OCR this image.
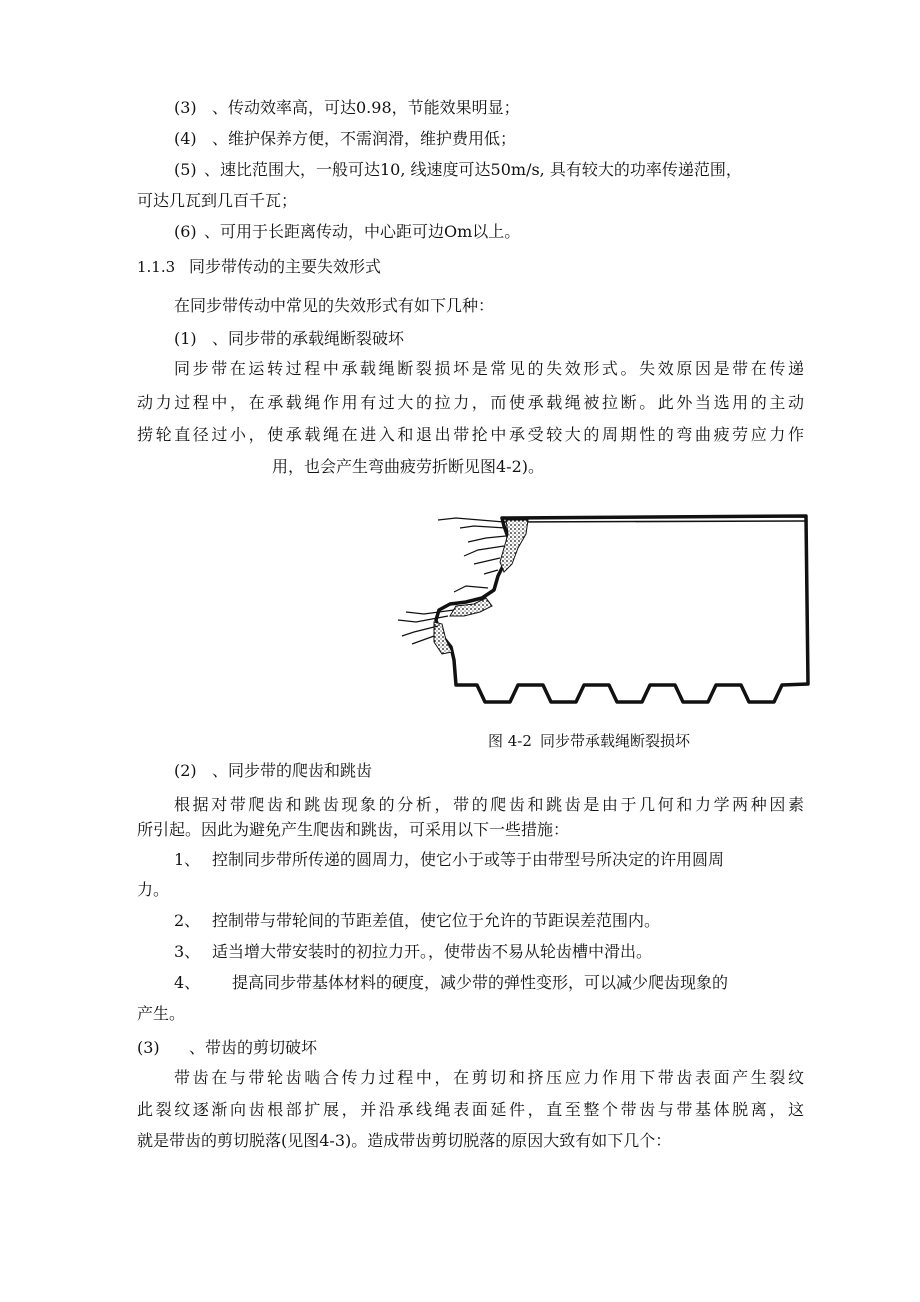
(3) 、传动效率高，可达0.98，节能效果明显；
(4) 、维护保养方便，不需润滑，维护费用低；
(5) 、速比范围大，一般可达10, 线速度可达50m/s, 具有较大的功率传递范围，
可达几瓦到几百千瓦；
(6) 、可用于长距离传动，中心距可边Om以上。
1.1.3 同步带传动的主要失效形式
在同步带传动中常见的失效形式有如下几种：
(1) 、同步带的承载绳断裂破坏
同步带在运转过程中承载绳断裂损坏是常见的失效形式。失效原因是带在传递
动力过程中，在承载绳作用有过大的拉力，而使承载绳被拉断。此外当选用的主动
捞轮直径过小，使承载绳在进入和退出带抡中承受较大的周期性的弯曲疲劳应力作
用，也会产生弯曲疲劳折断见图4-2)。
图 4-2 同步带承载绳断裂损坏
(2) 、同步带的爬齿和跳齿
根据对带爬齿和跳齿现象的分析，带的爬齿和跳齿是由于几何和力学两种因素
所引起。因此为避免产生爬齿和跳齿，可采用以下一些措施：
1、 控制同步带所传递的圆周力，使它小于或等于由带型号所决定的许用圆周
力。
2、 控制带与带轮间的节距差值，使它位于允许的节距误差范围内。
3、 适当增大带安装时的初拉力开。，使带齿不易从轮齿槽中滑出。
4、 提高同步带基体材料的硬度，减少带的弹性变形，可以减少爬齿现象的
产生。
(3) 、带齿的剪切破坏
带齿在与带轮齿啮合传力过程中，在剪切和挤压应力作用下带齿表面产生裂纹
此裂纹逐渐向齿根部扩展，并沿承线绳表面延件，直至整个带齿与带基体脱离，这
就是带齿的剪切脱落(见图4-3)。造成带齿剪切脱落的原因大致有如下几个：
